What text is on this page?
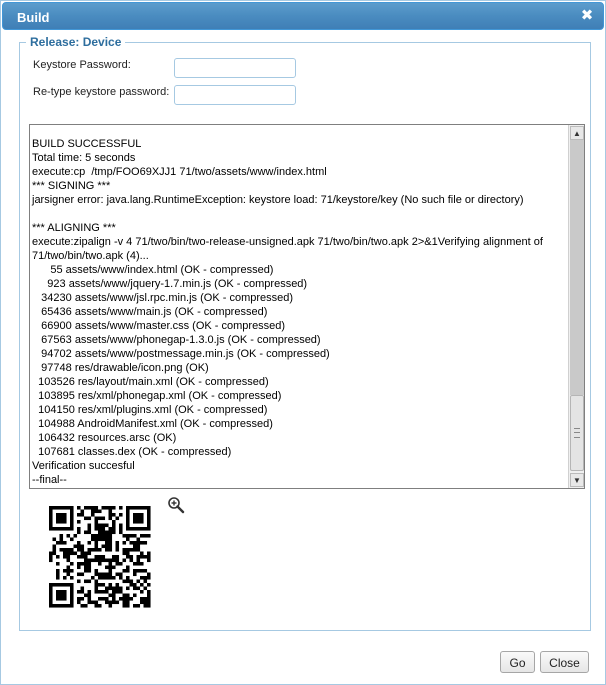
Build	✖
Release: Device
Keystore Password:
Re-type keystore password:
BUILD SUCCESSFUL
Total time: 5 seconds
execute:cp  /tmp/FOO69XJJ1 71/two/assets/www/index.html
*** SIGNING ***
jarsigner error: java.lang.RuntimeException: keystore load: 71/keystore/key (No such file or directory)

*** ALIGNING ***
execute:zipalign -v 4 71/two/bin/two-release-unsigned.apk 71/two/bin/two.apk 2>&1Verifying alignment of 71/two/bin/two.apk (4)...
55 assets/www/index.html (OK - compressed)
923 assets/www/jquery-1.7.min.js (OK - compressed)
34230 assets/www/jsl.rpc.min.js (OK - compressed)
65436 assets/www/main.js (OK - compressed)
66900 assets/www/master.css (OK - compressed)
67563 assets/www/phonegap-1.3.0.js (OK - compressed)
94702 assets/www/postmessage.min.js (OK - compressed)
97748 res/drawable/icon.png (OK)
103526 res/layout/main.xml (OK - compressed)
103895 res/xml/phonegap.xml (OK - compressed)
104150 res/xml/plugins.xml (OK - compressed)
104988 AndroidManifest.xml (OK - compressed)
106432 resources.arsc (OK)
107681 classes.dex (OK - compressed)
Verification succesful
--final--
▲
▼
Go	Close
